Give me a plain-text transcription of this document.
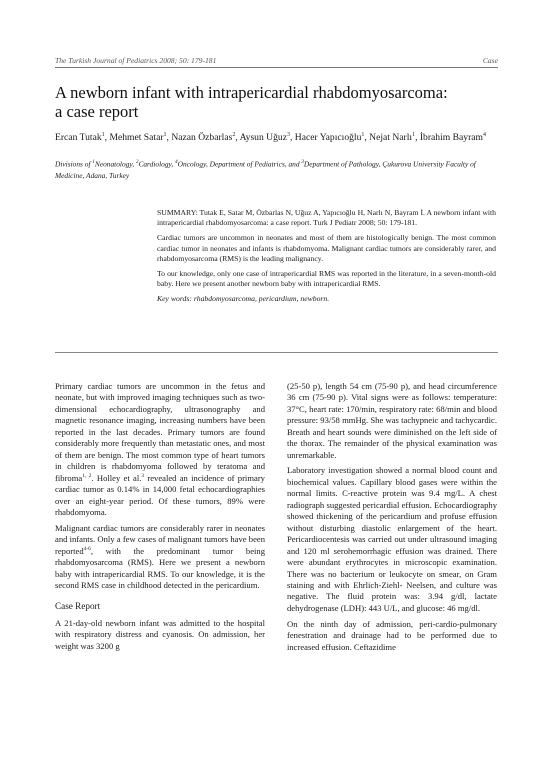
The Turkish Journal of Pediatrics 2008; 50: 179-181	Case
A newborn infant with intrapericardial rhabdomyosarcoma:
a case report
Ercan Tutak$^1$, Mehmet Satar$^1$, Nazan Özbarlas$^2$, Aysun Uğuz$^3$, Hacer Yapıcıoğlu$^1$, Nejat Narlı$^1$, İbrahim Bayram$^4$
Divisions of $^1$Neonatology, $^2$Cardiology, $^4$Oncology, Department of Pediatrics, and $^3$Department of Pathology, Çukurova University Faculty of Medicine, Adana, Turkey

SUMMARY: Tutak E, Satar M, Özbarlas N, Uğuz A, Yapıcıoğlu H, Narlı N, Bayram İ. A newborn infant with intrapericardial rhabdomyosarcoma: a case report. Turk J Pediatr 2008; 50: 179-181.

Cardiac tumors are uncommon in neonates and most of them are histologically benign. The most common cardiac tumor in neonates and infants is rhabdomyoma. Malignant cardiac tumors are considerably rarer, and rhabdomyosarcoma (RMS) is the leading malignancy.

To our knowledge, only one case of intrapericardial RMS was reported in the literature, in a seven-month-old baby. Here we present another newborn baby with intrapericardial RMS.

Key words: rhabdomyosarcoma, pericardium, newborn.

Primary cardiac tumors are uncommon in the fetus and neonate, but with improved imaging techniques such as two-dimensional echocardiography, ultrasonography and magnetic resonance imaging, increasing numbers have been reported in the last decades. Primary tumors are found considerably more frequently than metastatic ones, and most of them are benign. The most common type of heart tumors in children is rhabdomyoma followed by teratoma and fibroma$^{1, 2}$. Holley et al.$^3$ revealed an incidence of primary cardiac tumor as 0.14% in 14,000 fetal echocardiographies over an eight-year period. Of these tumors, 89% were rhabdomyoma.

Malignant cardiac tumors are considerably rarer in neonates and infants. Only a few cases of malignant tumors have been reported$^{4-6}$, with the predominant tumor being rhabdomyosarcoma (RMS). Here we present a newborn baby with intrapericardial RMS. To our knowledge, it is the second RMS case in childhood detected in the pericardium.

Case Report

A 21-day-old newborn infant was admitted to the hospital with respiratory distress and cyanosis. On admission, her weight was 3200 g

(25-50 p), length 54 cm (75-90 p), and head circumference 36 cm (75-90 p). Vital signs were as follows: temperature: 37°C, heart rate: 170/min, respiratory rate: 68/min and blood pressure: 93/58 mmHg. She was tachypneic and tachycardic. Breath and heart sounds were diminished on the left side of the thorax. The remainder of the physical examination was unremarkable.

Laboratory investigation showed a normal blood count and biochemical values. Capillary blood gases were within the normal limits. C-reactive protein was 9.4 mg/L. A chest radiograph suggested pericardial effusion. Echocardiography showed thickening of the pericardium and profuse effusion without disturbing diastolic enlargement of the heart. Pericardiocentesis was carried out under ultrasound imaging and 120 ml serohemorrhagic effusion was drained. There were abundant erythrocytes in microscopic examination. There was no bacterium or leukocyte on smear, on Gram staining and with Ehrlich-Ziehl- Neelsen, and culture was negative. The fluid protein was: 3.94 g/dl, lactate dehydrogenase (LDH): 443 U/L, and glucose: 46 mg/dl.

On the ninth day of admission, peri-cardio-pulmonary fenestration and drainage had to be performed due to increased effusion. Ceftazidime
